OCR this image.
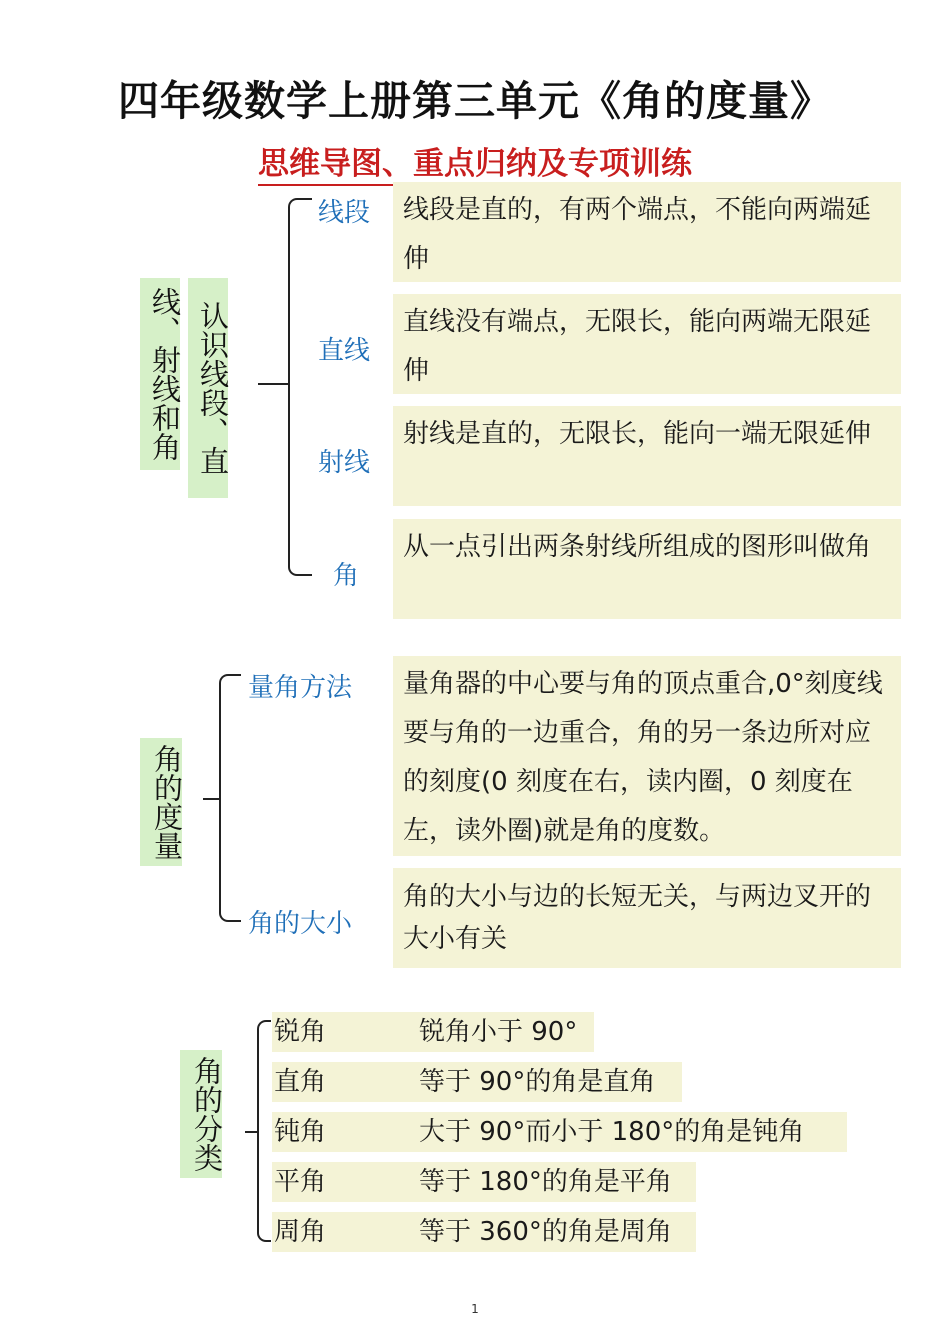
四年级数学上册第三单元《角的度量》
思维导图、重点归纳及专项训练
线、射线和角 认识线段、直
线段
直线
射线
角
线段是直的，有两个端点，不能向两端延伸
直线没有端点，无限长，能向两端无限延伸
射线是直的，无限长，能向一端无限延伸
从一点引出两条射线所组成的图形叫做角
角的度量
量角方法
角的大小
量角器的中心要与角的顶点重合,0°刻度线要与角的一边重合，角的另一条边所对应的刻度(0 刻度在右，读内圈，0 刻度在左，读外圈)就是角的度数。
角的大小与边的长短无关，与两边叉开的大小有关
角的分类
锐角	锐角小于 90°
直角	等于 90°的角是直角
钝角	大于 90°而小于 180°的角是钝角
平角	等于 180°的角是平角
周角	等于 360°的角是周角
1
